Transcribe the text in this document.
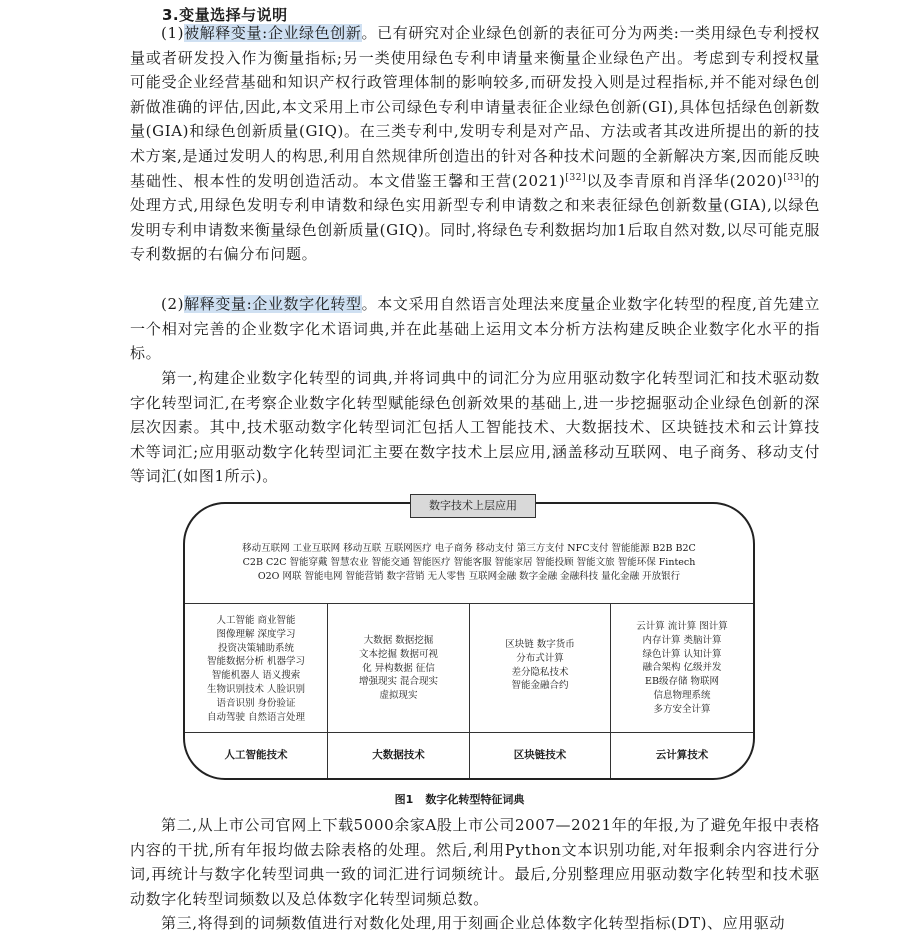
3.变量选择与说明

(1)被解释变量:企业绿色创新。已有研究对企业绿色创新的表征可分为两类:一类用绿色专利授权量或者研发投入作为衡量指标;另一类使用绿色专利申请量来衡量企业绿色产出。考虑到专利授权量可能受企业经营基础和知识产权行政管理体制的影响较多,而研发投入则是过程指标,并不能对绿色创新做准确的评估,因此,本文采用上市公司绿色专利申请量表征企业绿色创新(GI),具体包括绿色创新数量(GIA)和绿色创新质量(GIQ)。在三类专利中,发明专利是对产品、方法或者其改进所提出的新的技术方案,是通过发明人的构思,利用自然规律所创造出的针对各种技术问题的全新解决方案,因而能反映基础性、根本性的发明创造活动。本文借鉴王馨和王营(2021)[32]以及李青原和肖泽华(2020)[33]的处理方式,用绿色发明专利申请数和绿色实用新型专利申请数之和来表征绿色创新数量(GIA),以绿色发明专利申请数来衡量绿色创新质量(GIQ)。同时,将绿色专利数据均加1后取自然对数,以尽可能克服专利数据的右偏分布问题。

(2)解释变量:企业数字化转型。本文采用自然语言处理法来度量企业数字化转型的程度,首先建立一个相对完善的企业数字化术语词典,并在此基础上运用文本分析方法构建反映企业数字化水平的指标。

第一,构建企业数字化转型的词典,并将词典中的词汇分为应用驱动数字化转型词汇和技术驱动数字化转型词汇,在考察企业数字化转型赋能绿色创新效果的基础上,进一步挖掘驱动企业绿色创新的深层次因素。其中,技术驱动数字化转型词汇包括人工智能技术、大数据技术、区块链技术和云计算技术等词汇;应用驱动数字化转型词汇主要在数字技术上层应用,涵盖移动互联网、电子商务、移动支付等词汇(如图1所示)。

移动互联网 工业互联网 移动互联 互联网医疗 电子商务 移动支付 第三方支付 NFC支付 智能能源 B2B B2C
C2B C2C 智能穿戴 智慧农业 智能交通 智能医疗 智能客服 智能家居 智能投顾 智能文旅 智能环保 Fintech
O2O 网联 智能电网 智能营销 数字营销 无人零售 互联网金融 数字金融 金融科技 量化金融 开放银行
人工智能 商业智能
图像理解 深度学习
投资决策辅助系统
智能数据分析 机器学习
智能机器人 语义搜索
生物识别技术 人脸识别
语音识别 身份验证
自动驾驶 自然语言处理
人工智能技术
大数据 数据挖掘
文本挖掘 数据可视
化 异构数据 征信
增强现实 混合现实
虚拟现实
大数据技术
区块链 数字货币
分布式计算
差分隐私技术
智能金融合约
区块链技术
云计算 流计算 图计算
内存计算 类脑计算
绿色计算 认知计算
融合架构 亿级并发
EB级存储 物联网
信息物理系统
多方安全计算
云计算技术
数字技术上层应用
图1 数字化转型特征词典

第二,从上市公司官网上下载5000余家A股上市公司2007—2021年的年报,为了避免年报中表格内容的干扰,所有年报均做去除表格的处理。然后,利用Python文本识别功能,对年报剩余内容进行分词,再统计与数字化转型词典一致的词汇进行词频统计。最后,分别整理应用驱动数字化转型和技术驱动数字化转型词频数以及总体数字化转型词频总数。

第三,将得到的词频数值进行对数化处理,用于刻画企业总体数字化转型指标(DT)、应用驱动
